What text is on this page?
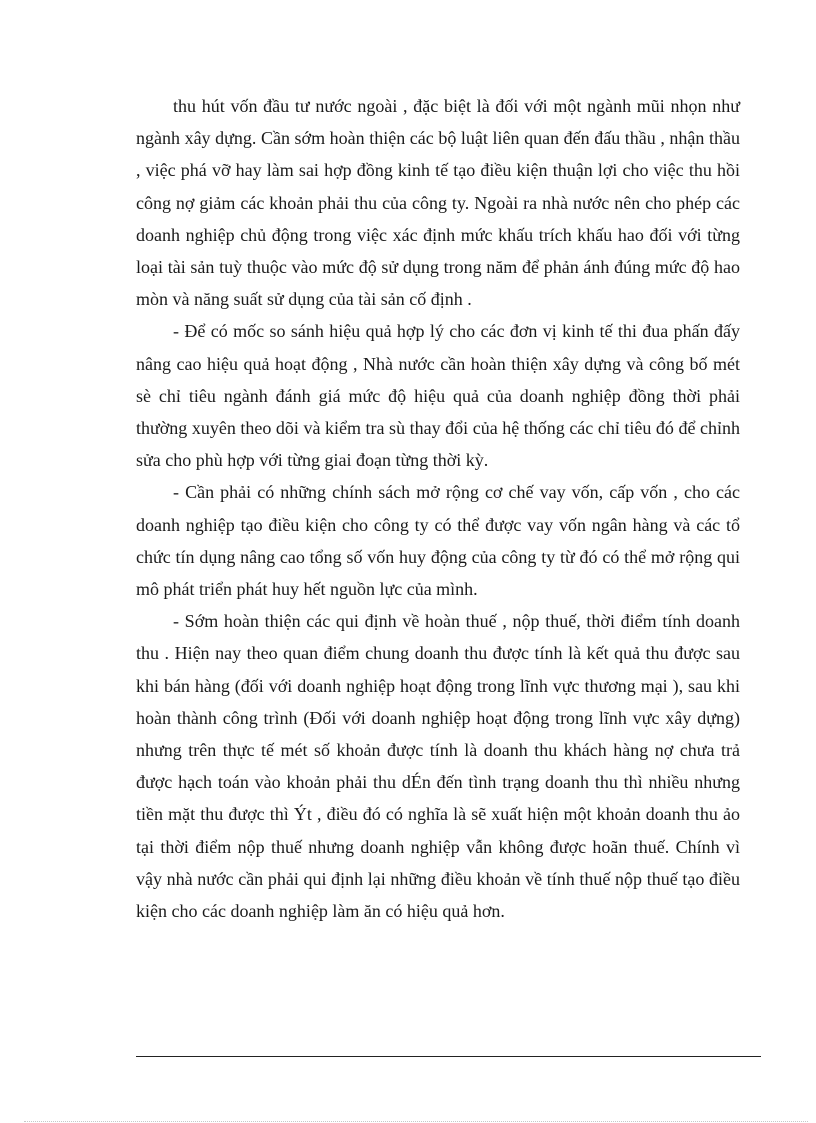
thu hút vốn đầu tư nước ngoài , đặc biệt là đối với một ngành mũi nhọn như ngành xây dựng. Cần sớm hoàn thiện các bộ luật liên quan đến đấu thầu , nhận thầu , việc phá vỡ hay làm sai hợp đồng kinh tế tạo điều kiện thuận lợi cho việc thu hồi công nợ giảm các khoản phải thu của công ty. Ngoài ra nhà nước nên cho phép các doanh nghiệp chủ động trong việc xác định mức khấu trích khấu hao đối với từng loại tài sản tuỳ thuộc vào mức độ sử dụng trong năm để phản ánh đúng mức độ hao mòn và năng suất sử dụng của tài sản cố định .

- Để có mốc so sánh hiệu quả hợp lý cho các đơn vị kinh tế thi đua phấn đấy nâng cao hiệu quả hoạt động , Nhà nước cần hoàn thiện xây dựng và công bố mét sè chỉ tiêu ngành đánh giá mức độ hiệu quả của doanh nghiệp đồng thời phải thường xuyên theo dõi và kiểm tra sù thay đổi của hệ thống các chỉ tiêu đó để chỉnh sửa cho phù hợp với từng giai đoạn từng thời kỳ.

- Cần phải có những chính sách mở rộng cơ chế vay vốn, cấp vốn , cho các doanh nghiệp tạo điều kiện cho công ty có thể được vay vốn ngân hàng và các tổ chức tín dụng nâng cao tổng số vốn huy động của công ty từ đó có thể mở rộng qui mô phát triển phát huy hết nguồn lực của mình.

- Sớm hoàn thiện các qui định về hoàn thuế , nộp thuế, thời điểm tính doanh thu . Hiện nay theo quan điểm chung doanh thu được tính là kết quả thu được sau khi bán hàng (đối với doanh nghiệp hoạt động trong lĩnh vực thương mại ), sau khi hoàn thành công trình (Đối với doanh nghiệp hoạt động trong lĩnh vực xây dựng) nhưng trên thực tế mét số khoản được tính là doanh thu khách hàng nợ chưa trả được hạch toán vào khoản phải thu dÉn đến tình trạng doanh thu thì nhiều nhưng tiền mặt thu được thì Ýt , điều đó có nghĩa là sẽ xuất hiện một khoản doanh thu ảo tại thời điểm nộp thuế nhưng doanh nghiệp vẫn không được hoãn thuế. Chính vì vậy nhà nước cần phải qui định lại những điều khoản về tính thuế nộp thuế tạo điều kiện cho các doanh nghiệp làm ăn có hiệu quả hơn.
